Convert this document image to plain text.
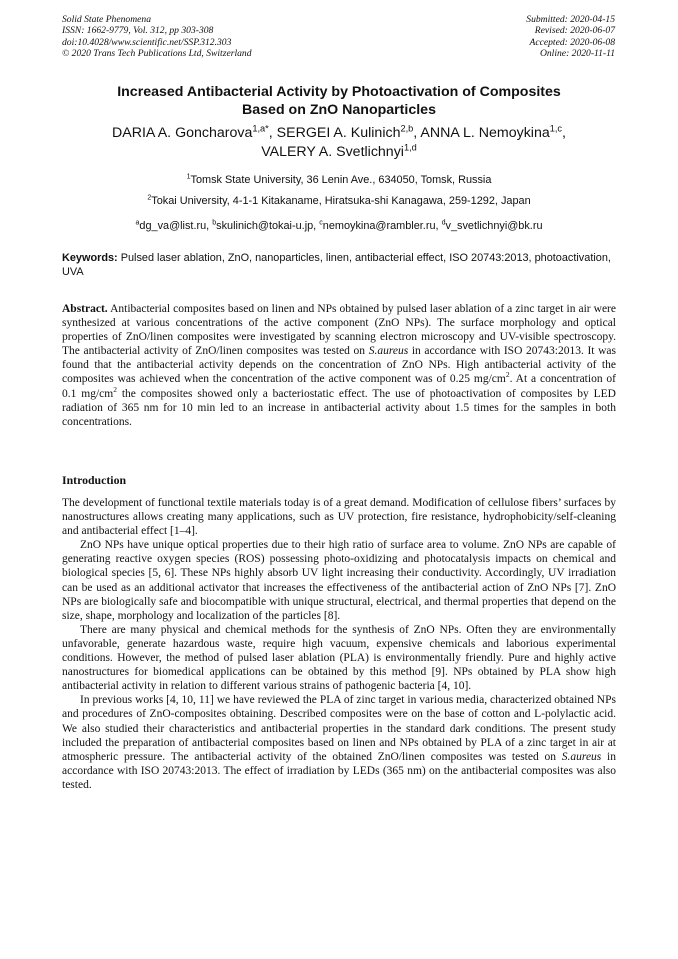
Solid State Phenomena
ISSN: 1662-9779, Vol. 312, pp 303-308
doi:10.4028/www.scientific.net/SSP.312.303
© 2020 Trans Tech Publications Ltd, Switzerland
Submitted: 2020-04-15
Revised: 2020-06-07
Accepted: 2020-06-08
Online: 2020-11-11
Increased Antibacterial Activity by Photoactivation of Composites
Based on ZnO Nanoparticles
DARIA A. Goncharova$^{1,a*}$, SERGEI A. Kulinich$^{2,b}$, ANNA L. Nemoykina$^{1,c}$,
VALERY A. Svetlichnyi$^{1,d}$
$^1$Tomsk State University, 36 Lenin Ave., 634050, Tomsk, Russia
$^2$Tokai University, 4-1-1 Kitakaname, Hiratsuka-shi Kanagawa, 259-1292, Japan
$^a$dg_va@list.ru, $^b$skulinich@tokai-u.jp, $^c$nemoykina@rambler.ru, $^d$v_svetlichnyi@bk.ru
Keywords: Pulsed laser ablation, ZnO, nanoparticles, linen, antibacterial effect, ISO 20743:2013, photoactivation, UVA
Abstract. Antibacterial composites based on linen and NPs obtained by pulsed laser ablation of a zinc target in air were synthesized at various concentrations of the active component (ZnO NPs). The surface morphology and optical properties of ZnO/linen composites were investigated by scanning electron microscopy and UV-visible spectroscopy. The antibacterial activity of ZnO/linen composites was tested on S.aureus in accordance with ISO 20743:2013. It was found that the antibacterial activity depends on the concentration of ZnO NPs. High antibacterial activity of the composites was achieved when the concentration of the active component was of 0.25 $mg/cm^2$. At a concentration of 0.1 $mg/cm^2$ the composites showed only a bacteriostatic effect. The use of photoactivation of composites by LED radiation of 365 nm for 10 min led to an increase in antibacterial activity about 1.5 times for the samples in both concentrations.
Introduction

The development of functional textile materials today is of a great demand. Modification of cellulose fibers’ surfaces by nanostructures allows creating many applications, such as UV protection, fire resistance, hydrophobicity/self-cleaning and antibacterial effect [1–4].

ZnO NPs have unique optical properties due to their high ratio of surface area to volume. ZnO NPs are capable of generating reactive oxygen species (ROS) possessing photo-oxidizing and photocatalysis impacts on chemical and biological species [5, 6]. These NPs highly absorb UV light increasing their conductivity. Accordingly, UV irradiation can be used as an additional activator that increases the effectiveness of the antibacterial action of ZnO NPs [7]. ZnO NPs are biologically safe and biocompatible with unique structural, electrical, and thermal properties that depend on the size, shape, morphology and localization of the particles [8].

There are many physical and chemical methods for the synthesis of ZnO NPs. Often they are environmentally unfavorable, generate hazardous waste, require high vacuum, expensive chemicals and laborious experimental conditions. However, the method of pulsed laser ablation (PLA) is environmentally friendly. Pure and highly active nanostructures for biomedical applications can be obtained by this method [9]. NPs obtained by PLA show high antibacterial activity in relation to different various strains of pathogenic bacteria [4, 10].

In previous works [4, 10, 11] we have reviewed the PLA of zinc target in various media, characterized obtained NPs and procedures of ZnO-composites obtaining. Described composites were on the base of cotton and L-polylactic acid. We also studied their characteristics and antibacterial properties in the standard dark conditions. The present study included the preparation of antibacterial composites based on linen and NPs obtained by PLA of a zinc target in air at atmospheric pressure. The antibacterial activity of the obtained ZnO/linen composites was tested on S.aureus in accordance with ISO 20743:2013. The effect of irradiation by LEDs (365 nm) on the antibacterial composites was also tested.
